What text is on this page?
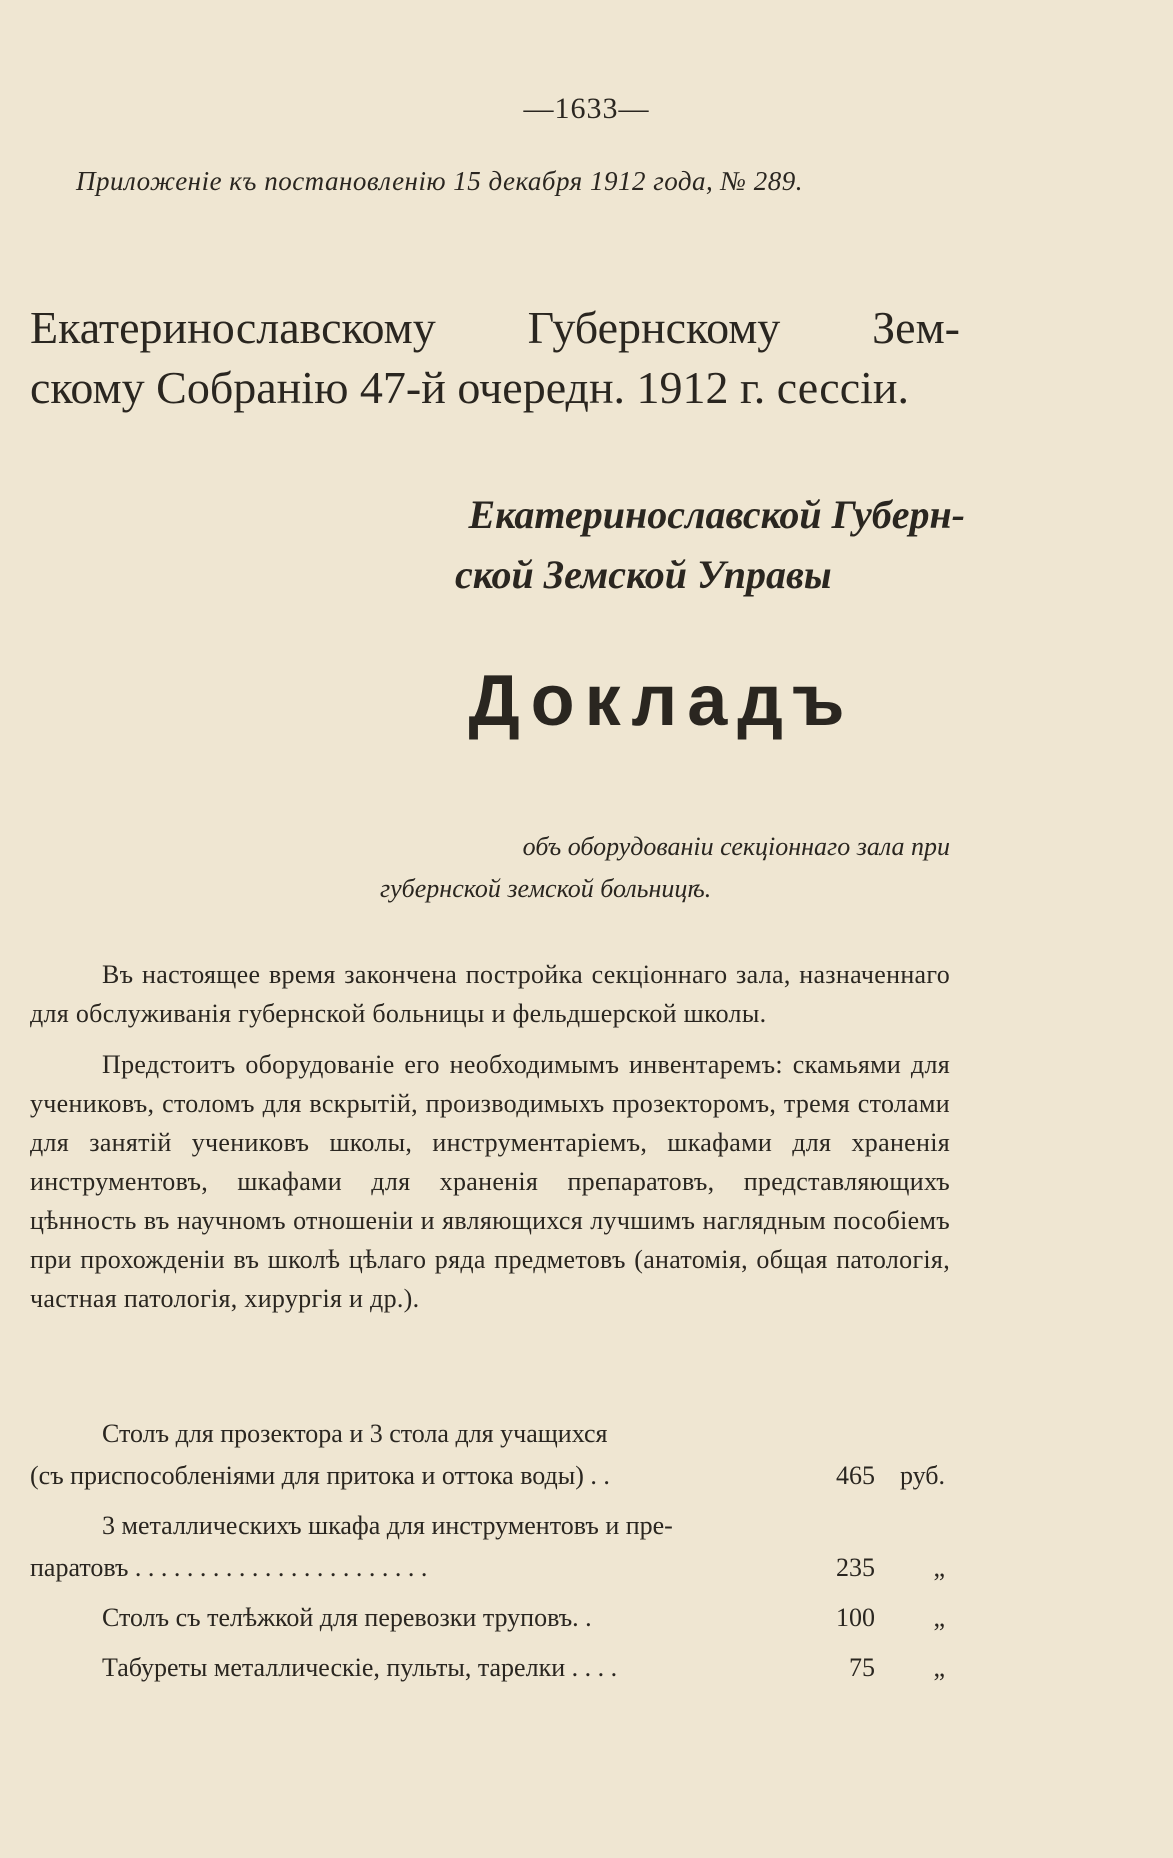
—1633—
Приложеніе къ постановленію 15 декабря 1912 года, № 289.
Екатеринославскому Губернскому Зем-
скому Собранію 47-й очередн. 1912 г. сессіи.
Екатеринославской Губерн-
ской Земской Управы
Докладъ
объ оборудованіи секціоннаго зала при
губернской земской больницѣ.

Въ настоящее время закончена постройка секціоннаго зала, назначеннаго для обслуживанія губернской больницы и фельдшерской школы.

Предстоитъ оборудованіе его необходимымъ инвентаремъ: скамьями для учениковъ, столомъ для вскрытій, производимыхъ прозекторомъ, тремя столами для занятій учениковъ школы, инструментаріемъ, шкафами для храненія инструментовъ, шкафами для храненія препаратовъ, представляющихъ цѣнность въ научномъ отношеніи и являющихся лучшимъ наглядным пособіемъ при прохожденіи въ школѣ цѣлаго ряда предметовъ (анатомія, общая патологія, частная патологія, хирургія и др.).

Столъ для прозектора и 3 стола для учащихся
(съ приспособленіями для притока и оттока воды) . .	465 руб.
3 металлическихъ шкафа для инструментовъ и пре-
паратовъ . . . . . . . . . . . . . . . . . . . . . . .	235	„
Столъ съ телѣжкой для перевозки труповъ. .	100	„
Табуреты металлическіе, пульты, тарелки . . . .	75	„
